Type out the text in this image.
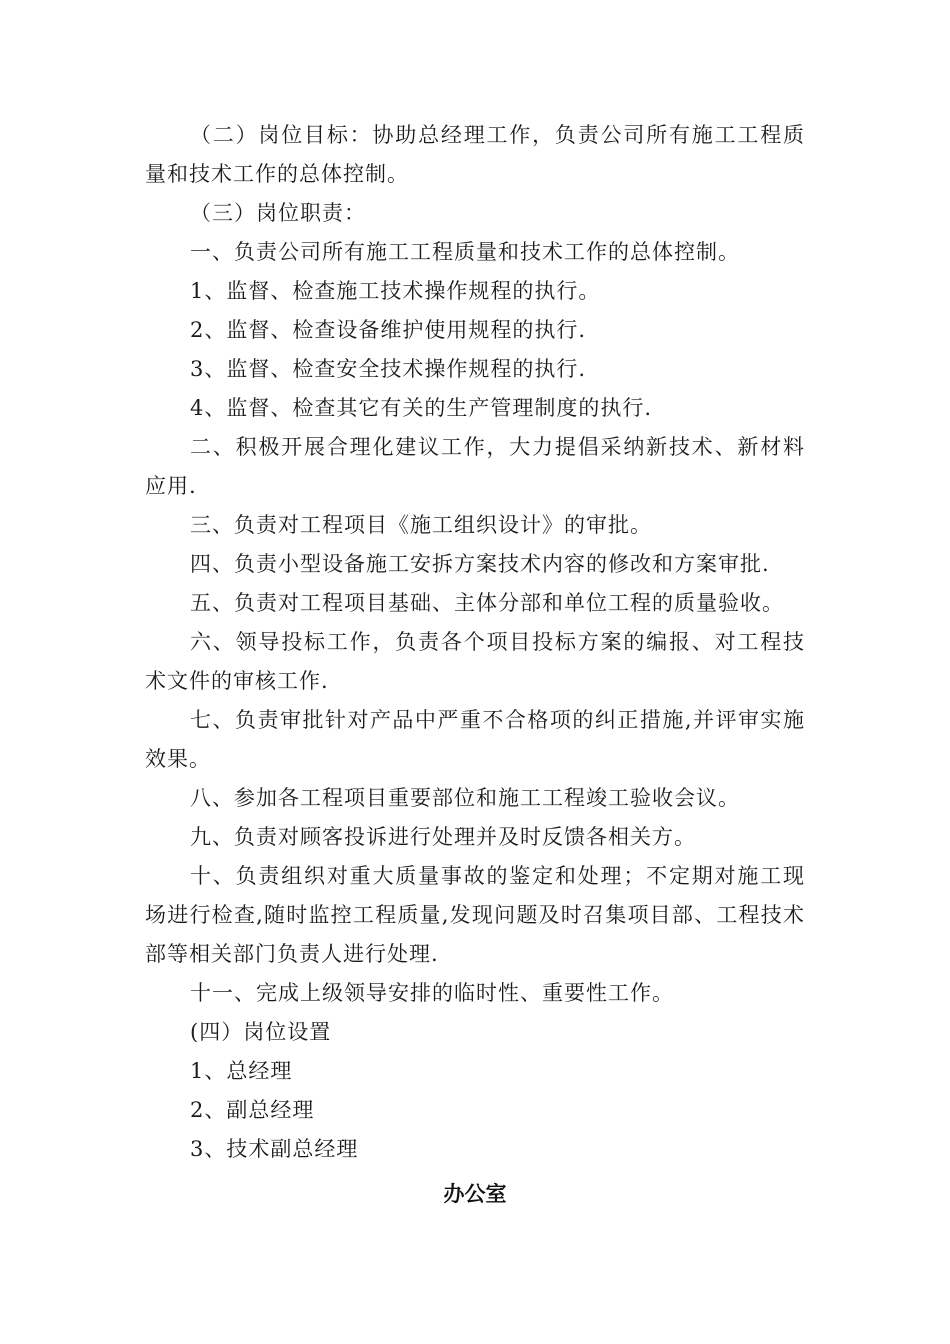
（二）岗位目标：协助总经理工作，负责公司所有施工工程质量和技术工作的总体控制。

（三）岗位职责：

一、负责公司所有施工工程质量和技术工作的总体控制。

1、监督、检查施工技术操作规程的执行。

2、监督、检查设备维护使用规程的执行.

3、监督、检查安全技术操作规程的执行.

4、监督、检查其它有关的生产管理制度的执行.

二、积极开展合理化建议工作，大力提倡采纳新技术、新材料应用.

三、负责对工程项目《施工组织设计》的审批。

四、负责小型设备施工安拆方案技术内容的修改和方案审批.

五、负责对工程项目基础、主体分部和单位工程的质量验收。

六、领导投标工作，负责各个项目投标方案的编报、对工程技术文件的审核工作.

七、负责审批针对产品中严重不合格项的纠正措施,并评审实施效果。

八、参加各工程项目重要部位和施工工程竣工验收会议。

九、负责对顾客投诉进行处理并及时反馈各相关方。

十、负责组织对重大质量事故的鉴定和处理；不定期对施工现场进行检查,随时监控工程质量,发现问题及时召集项目部、工程技术部等相关部门负责人进行处理.

十一、完成上级领导安排的临时性、重要性工作。

(四）岗位设置

1、总经理

2、副总经理

3、技术副总经理

办公室
